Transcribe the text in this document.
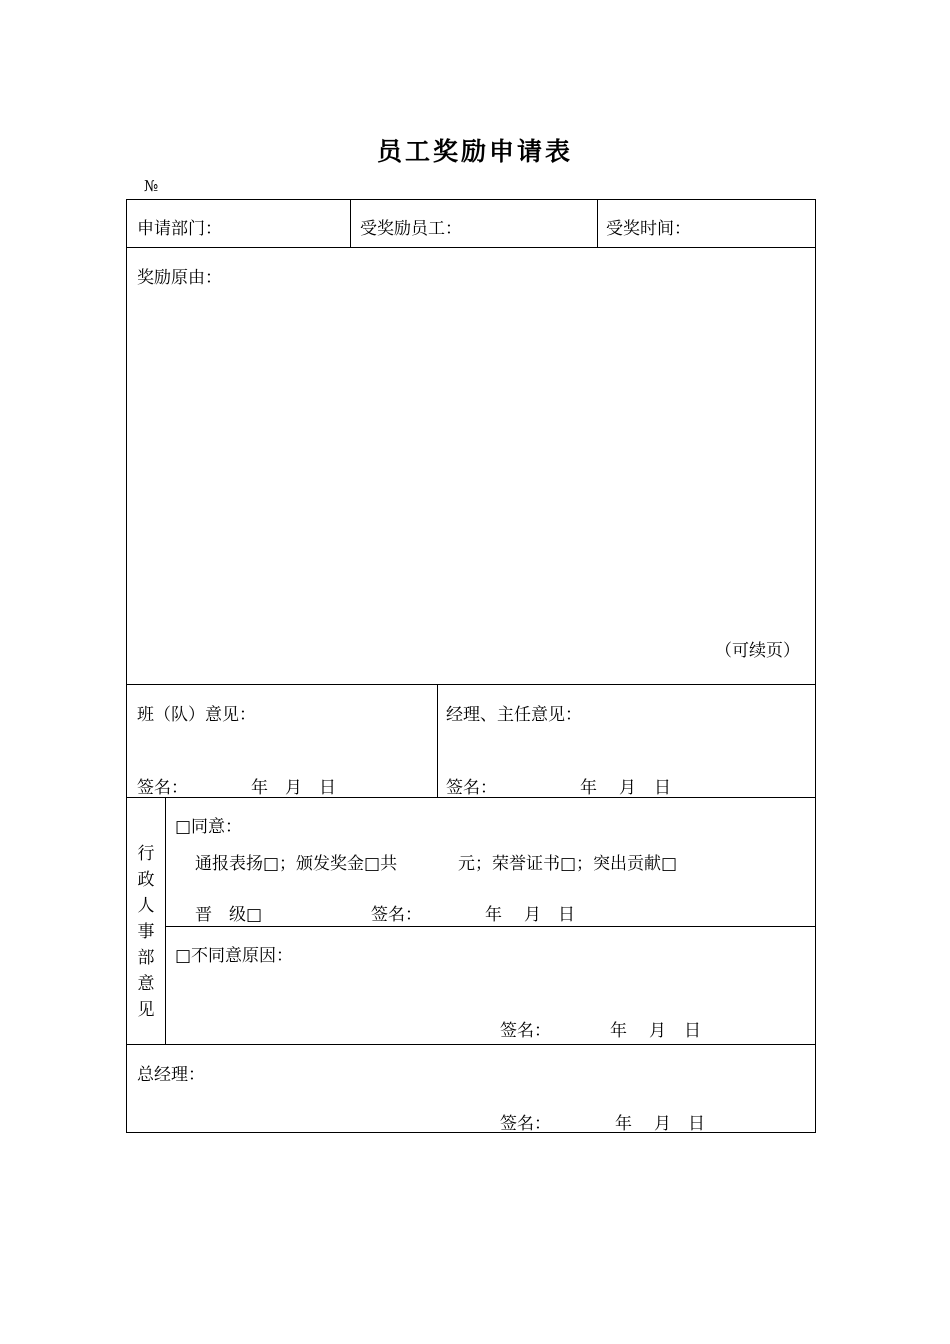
员工奖励申请表
№
申请部门：	受奖励员工：	受奖时间：
奖励原由：
（可续页）
班（队）意见：
签名：	年 月 日
经理、主任意见：
签名：	年 月 日
行
政
人
事
部
意
见
□同意：
通报表扬□；颁发奖金□共	元；荣誉证书□；突出贡献□
晋　级□	签名：	年 月 日
□不同意原因：
签名：	年 月 日
总经理：
签名：	年 月 日
